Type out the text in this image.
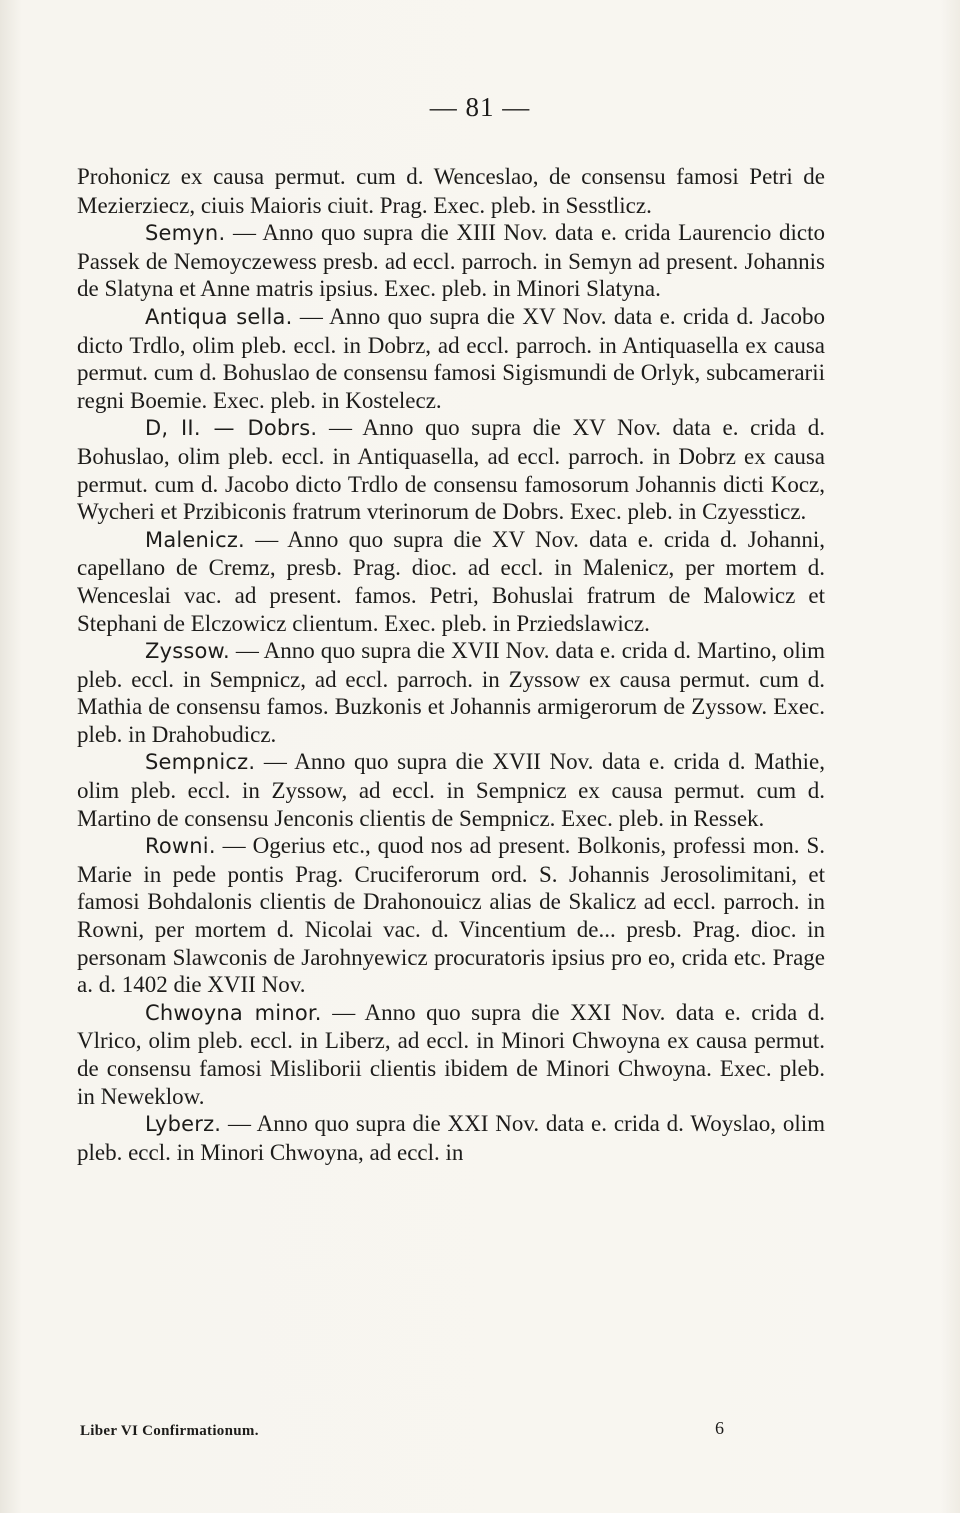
— 81 —

Prohonicz ex causa permut. cum d. Wenceslao, de consensu famosi Petri de Mezierziecz, ciuis Maioris ciuit. Prag. Exec. pleb. in Sesstlicz.

Semyn. — Anno quo supra die XIII Nov. data e. crida Laurencio dicto Passek de Nemoyczewess presb. ad eccl. parroch. in Semyn ad present. Johannis de Slatyna et Anne matris ipsius. Exec. pleb. in Minori Slatyna.

Antiqua sella. — Anno quo supra die XV Nov. data e. crida d. Jacobo dicto Trdlo, olim pleb. eccl. in Dobrz, ad eccl. parroch. in Antiquasella ex causa permut. cum d. Bohuslao de consensu famosi Sigismundi de Orlyk, subcamerarii regni Boemie. Exec. pleb. in Kostelecz.

D, II. — Dobrs. — Anno quo supra die XV Nov. data e. crida d. Bohuslao, olim pleb. eccl. in Antiquasella, ad eccl. parroch. in Dobrz ex causa permut. cum d. Jacobo dicto Trdlo de consensu famosorum Johannis dicti Kocz, Wycheri et Przibiconis fratrum vterinorum de Dobrs. Exec. pleb. in Czyessticz.

Malenicz. — Anno quo supra die XV Nov. data e. crida d. Johanni, capellano de Cremz, presb. Prag. dioc. ad eccl. in Malenicz, per mortem d. Wenceslai vac. ad present. famos. Petri, Bohuslai fratrum de Malowicz et Stephani de Elczowicz clientum. Exec. pleb. in Prziedslawicz.

Zyssow. — Anno quo supra die XVII Nov. data e. crida d. Martino, olim pleb. eccl. in Sempnicz, ad eccl. parroch. in Zyssow ex causa permut. cum d. Mathia de consensu famos. Buzkonis et Johannis armigerorum de Zyssow. Exec. pleb. in Drahobudicz.

Sempnicz. — Anno quo supra die XVII Nov. data e. crida d. Mathie, olim pleb. eccl. in Zyssow, ad eccl. in Sempnicz ex causa permut. cum d. Martino de consensu Jenconis clientis de Sempnicz. Exec. pleb. in Ressek.

Rowni. — Ogerius etc., quod nos ad present. Bolkonis, professi mon. S. Marie in pede pontis Prag. Cruciferorum ord. S. Johannis Jerosolimitani, et famosi Bohdalonis clientis de Drahonouicz alias de Skalicz ad eccl. parroch. in Rowni, per mortem d. Nicolai vac. d. Vincentium de... presb. Prag. dioc. in personam Slawconis de Jarohnyewicz procuratoris ipsius pro eo, crida etc. Prage a. d. 1402 die XVII Nov.

Chwoyna minor. — Anno quo supra die XXI Nov. data e. crida d. Vlrico, olim pleb. eccl. in Liberz, ad eccl. in Minori Chwoyna ex causa permut. de consensu famosi Misliborii clientis ibidem de Minori Chwoyna. Exec. pleb. in Neweklow.

Lyberz. — Anno quo supra die XXI Nov. data e. crida d. Woyslao, olim pleb. eccl. in Minori Chwoyna, ad eccl. in

Liber VI Confirmationum.	6
